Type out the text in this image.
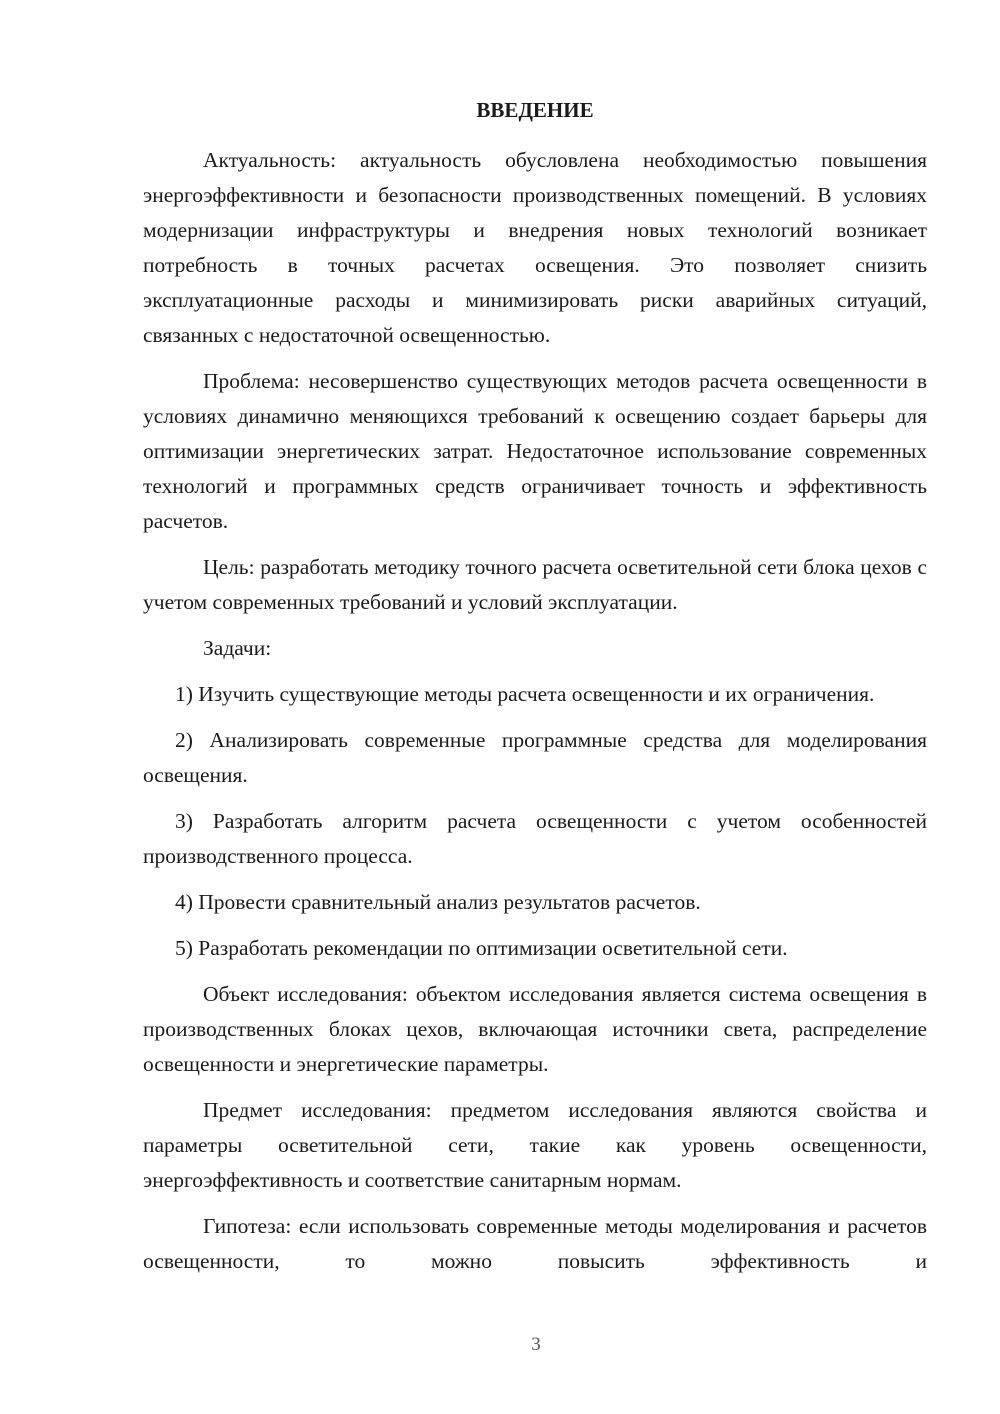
ВВЕДЕНИЕ

Актуальность: актуальность обусловлена необходимостью повышения энергоэффективности и безопасности производственных помещений. В условиях модернизации инфраструктуры и внедрения новых технологий возникает потребность в точных расчетах освещения. Это позволяет снизить эксплуатационные расходы и минимизировать риски аварийных ситуаций, связанных с недостаточной освещенностью.

Проблема: несовершенство существующих методов расчета освещенности в условиях динамично меняющихся требований к освещению создает барьеры для оптимизации энергетических затрат. Недостаточное использование современных технологий и программных средств ограничивает точность и эффективность расчетов.

Цель: разработать методику точного расчета осветительной сети блока цехов с учетом современных требований и условий эксплуатации.

Задачи:

1) Изучить существующие методы расчета освещенности и их ограничения.

2) Анализировать современные программные средства для моделирования освещения.

3) Разработать алгоритм расчета освещенности с учетом особенностей производственного процесса.

4) Провести сравнительный анализ результатов расчетов.

5) Разработать рекомендации по оптимизации осветительной сети.

Объект исследования: объектом исследования является система освещения в производственных блоках цехов, включающая источники света, распределение освещенности и энергетические параметры.

Предмет исследования: предметом исследования являются свойства и параметры осветительной сети, такие как уровень освещенности, энергоэффективность и соответствие санитарным нормам.

Гипотеза: если использовать современные методы моделирования и расчетов освещенности, то можно повысить эффективность и

3
